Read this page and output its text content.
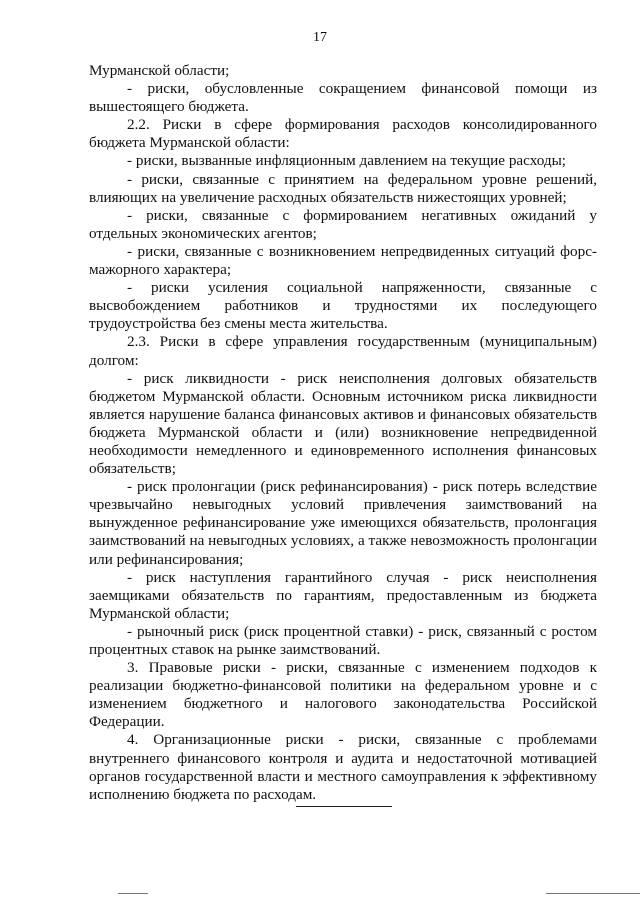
17

Мурманской области;

- риски, обусловленные сокращением финансовой помощи из вышестоящего бюджета.

2.2. Риски в сфере формирования расходов консолидированного бюджета Мурманской области:

- риски, вызванные инфляционным давлением на текущие расходы;

- риски, связанные с принятием на федеральном уровне решений, влияющих на увеличение расходных обязательств нижестоящих уровней;

- риски, связанные с формированием негативных ожиданий у отдельных экономических агентов;

- риски, связанные с возникновением непредвиденных ситуаций форс-мажорного характера;

- риски усиления социальной напряженности, связанные с высвобождением работников и трудностями их последующего трудоустройства без смены места жительства.

2.3. Риски в сфере управления государственным (муниципальным) долгом:

- риск ликвидности - риск неисполнения долговых обязательств бюджетом Мурманской области. Основным источником риска ликвидности является нарушение баланса финансовых активов и финансовых обязательств бюджета Мурманской области и (или) возникновение непредвиденной необходимости немедленного и единовременного исполнения финансовых обязательств;

- риск пролонгации (риск рефинансирования) - риск потерь вследствие чрезвычайно невыгодных условий привлечения заимствований на вынужденное рефинансирование уже имеющихся обязательств, пролонгация заимствований на невыгодных условиях, а также невозможность пролонгации или рефинансирования;

- риск наступления гарантийного случая - риск неисполнения заемщиками обязательств по гарантиям, предоставленным из бюджета Мурманской области;

- рыночный риск (риск процентной ставки) - риск, связанный с ростом процентных ставок на рынке заимствований.

3. Правовые риски - риски, связанные с изменением подходов к реализации бюджетно-финансовой политики на федеральном уровне и с изменением бюджетного и налогового законодательства Российской Федерации.

4. Организационные риски - риски, связанные с проблемами внутреннего финансового контроля и аудита и недостаточной мотивацией органов государственной власти и местного самоуправления к эффективному исполнению бюджета по расходам.
